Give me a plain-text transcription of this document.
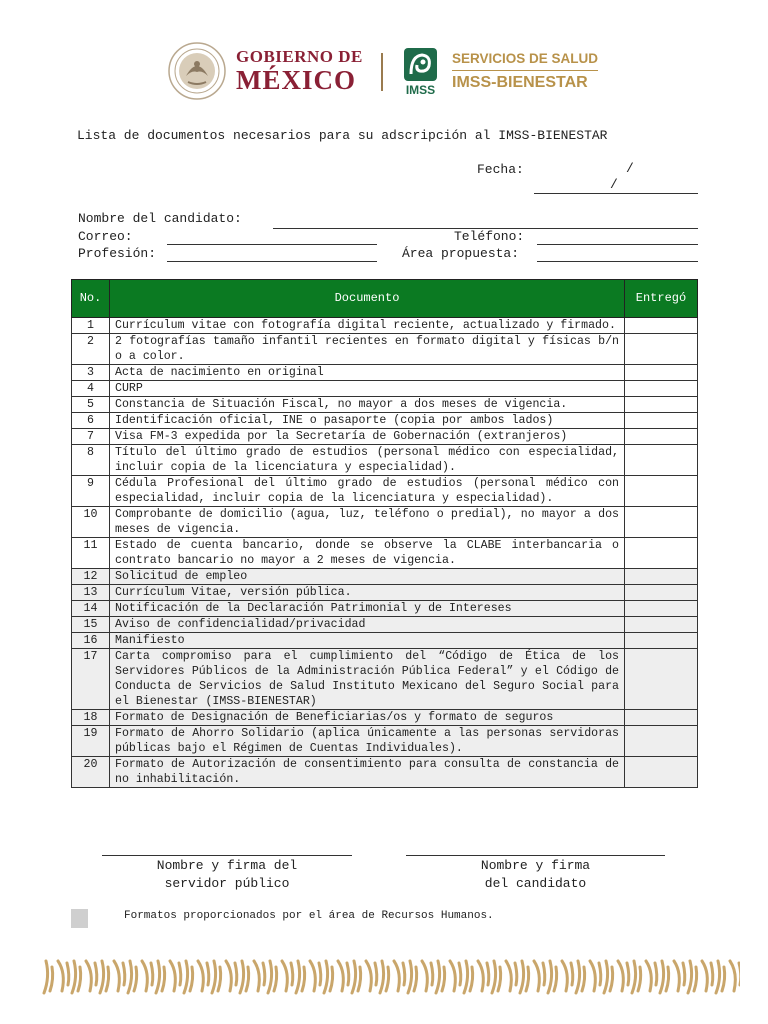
GOBIERNO DE
MÉXICO	IMSS
SERVICIOS DE SALUD
IMSS-BIENESTAR
Lista de documentos necesarios para su adscripción al IMSS-BIENESTAR
Fecha:	/
/
Nombre del candidato:
Correo:	Teléfono:
Profesión:	Área propuesta:
No.	Documento	Entregó
1	Currículum vitae con fotografía digital reciente, actualizado y firmado.	
2	2 fotografías tamaño infantil recientes en formato digital y físicas b/n o a color.	
3	Acta de nacimiento en original	
4	CURP	
5	Constancia de Situación Fiscal, no mayor a dos meses de vigencia.	
6	Identificación oficial, INE o pasaporte (copia por ambos lados)	
7	Visa FM-3 expedida por la Secretaría de Gobernación (extranjeros)	
8	Título del último grado de estudios (personal médico con especialidad, incluir copia de la licenciatura y especialidad).	
9	Cédula Profesional del último grado de estudios (personal médico con especialidad, incluir copia de la licenciatura y especialidad).	
10	Comprobante de domicilio (agua, luz, teléfono o predial), no mayor a dos meses de vigencia.	
11	Estado de cuenta bancario, donde se observe la CLABE interbancaria o contrato bancario no mayor a 2 meses de vigencia.	
12	Solicitud de empleo	
13	Currículum Vitae, versión pública.	
14	Notificación de la Declaración Patrimonial y de Intereses	
15	Aviso de confidencialidad/privacidad	
16	Manifiesto	
17	Carta compromiso para el cumplimiento del “Código de Ética de los Servidores Públicos de la Administración Pública Federal” y el Código de Conducta de Servicios de Salud Instituto Mexicano del Seguro Social para el Bienestar (IMSS-BIENESTAR)	
18	Formato de Designación de Beneficiarias/os y formato de seguros	
19	Formato de Ahorro Solidario (aplica únicamente a las personas servidoras públicas bajo el Régimen de Cuentas Individuales).	
20	Formato de Autorización de consentimiento para consulta de constancia de no inhabilitación.	
Nombre y firma del
servidor público
Nombre y firma
del candidato
Formatos proporcionados por el área de Recursos Humanos.
